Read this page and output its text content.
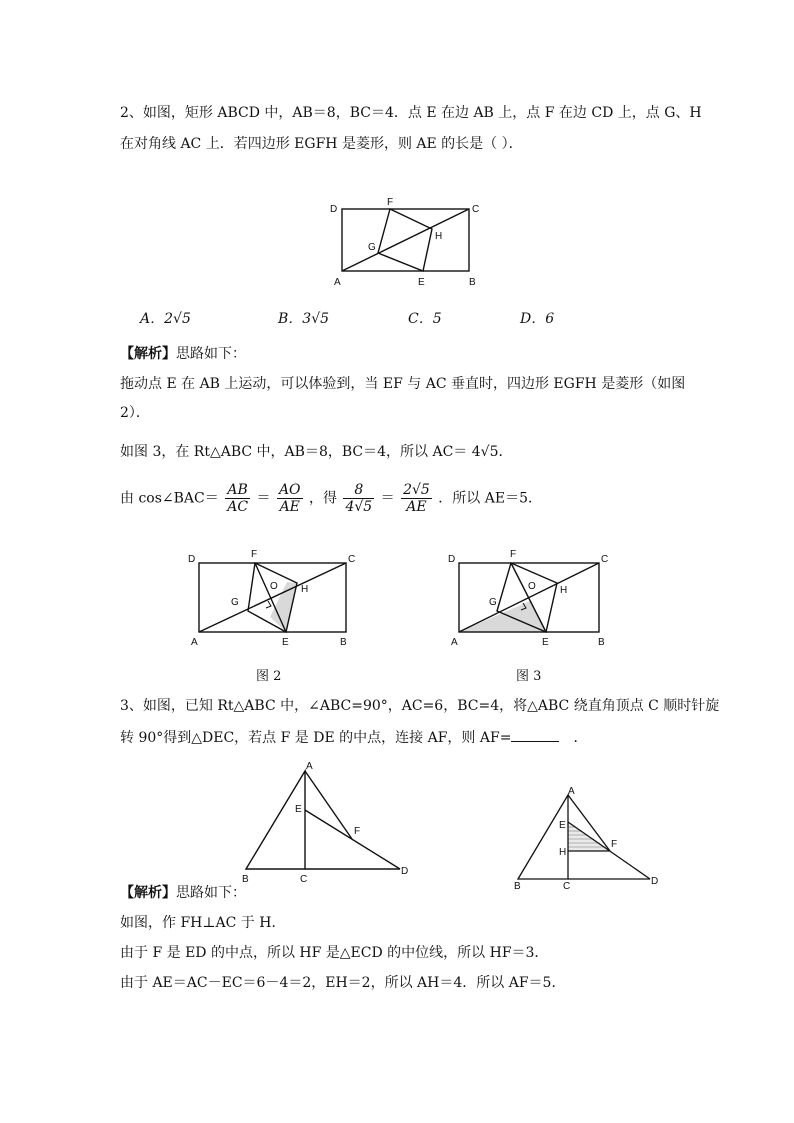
2、如图，矩形 ABCD 中，AB＝8，BC＝4．点 E 在边 AB 上，点 F 在边 CD 上，点 G、H
在对角线 AC 上．若四边形 EGFH 是菱形，则 AE 的长是（ ）．
D
F
C
G
H
A	E	B
A．2√5	B．3√5	C．5	D．6
【解析】思路如下：
拖动点 E 在 AB 上运动，可以体验到，当 EF 与 AC 垂直时，四边形 EGFH 是菱形（如图
2）．
如图 3，在 Rt△ABC 中，AB＝8，BC＝4，所以 AC＝ 4√5．
由 cos∠BAC＝ $\frac{AB}{AC} = \frac{AO}{AE}$ ，得 $\frac{8}{4√5} = \frac{2√5}{AE}$ ．所以 AE＝5．
D	F	C
O
G
H
A	E	B
D	F	C
O
G
H
A	E	B
图 2	图 3
3、如图，已知 Rt△ABC 中，∠ABC=90°，AC=6，BC=4，将△ABC 绕直角顶点 C 顺时针旋
转 90°得到△DEC，若点 F 是 DE 的中点，连接 AF，则 AF=	．
A
E
F
B	C
D
A
E
F
H
B	C	D
【解析】思路如下：
如图，作 FH⊥AC 于 H．
由于 F 是 ED 的中点，所以 HF 是△ECD 的中位线，所以 HF＝3．
由于 AE＝AC－EC＝6－4＝2，EH＝2，所以 AH＝4．所以 AF＝5．
